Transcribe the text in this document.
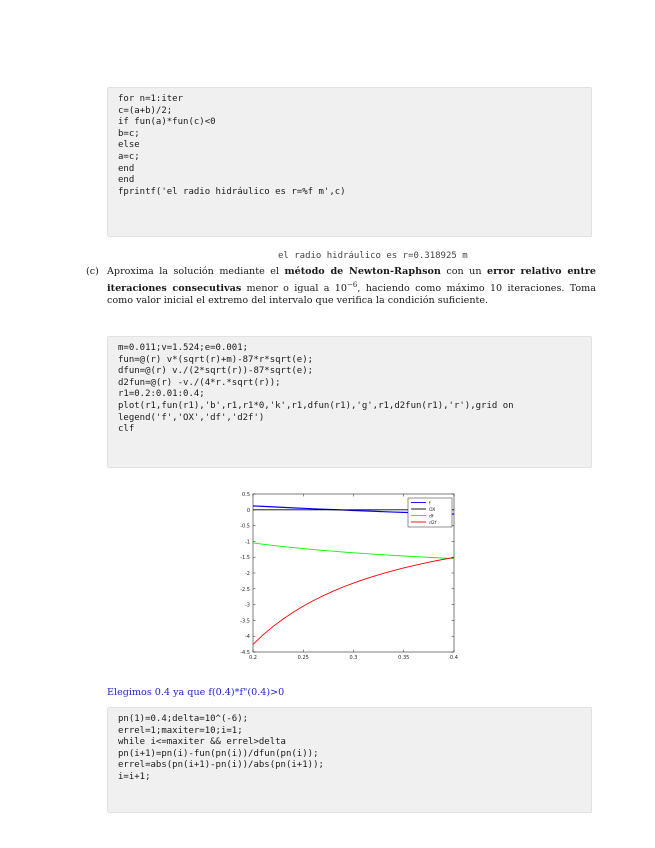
for n=1:iter
c=(a+b)/2;
if fun(a)*fun(c)<0
b=c;
else
a=c;
end
end
fprintf('el radio hidráulico es r=%f m',c)
el radio hidráulico es r=0.318925 m
(c) Aproxima la solución mediante el método de Newton-Raphson con un error relativo entre iteraciones consecutivas menor o igual a $10^{-6}$, haciendo como máximo 10 iteraciones. Toma como valor inicial el extremo del intervalo que verifica la condición suficiente.
m=0.011;v=1.524;e=0.001;
fun=@(r) v*(sqrt(r)+m)-87*r*sqrt(e);
dfun=@(r) v./(2*sqrt(r))-87*sqrt(e);
d2fun=@(r) -v./(4*r.*sqrt(r));
r1=0.2:0.01:0.4;
plot(r1,fun(r1),'b',r1,r1*0,'k',r1,dfun(r1),'g',r1,d2fun(r1),'r'),grid on
legend('f','OX','df','d2f')
clf
0.5
0
-0.5
-1
-1.5
-2
-2.5
-3
-3.5
-4
-4.5
0.2	0.25	0.3	0.35	0.4
f
OX
df
d2f
Elegimos 0.4 ya que f(0.4)*f"(0.4)>0
pn(1)=0.4;delta=10^(-6);
errel=1;maxiter=10;i=1;
while i<=maxiter && errel>delta
pn(i+1)=pn(i)-fun(pn(i))/dfun(pn(i));
errel=abs(pn(i+1)-pn(i))/abs(pn(i+1));
i=i+1;
